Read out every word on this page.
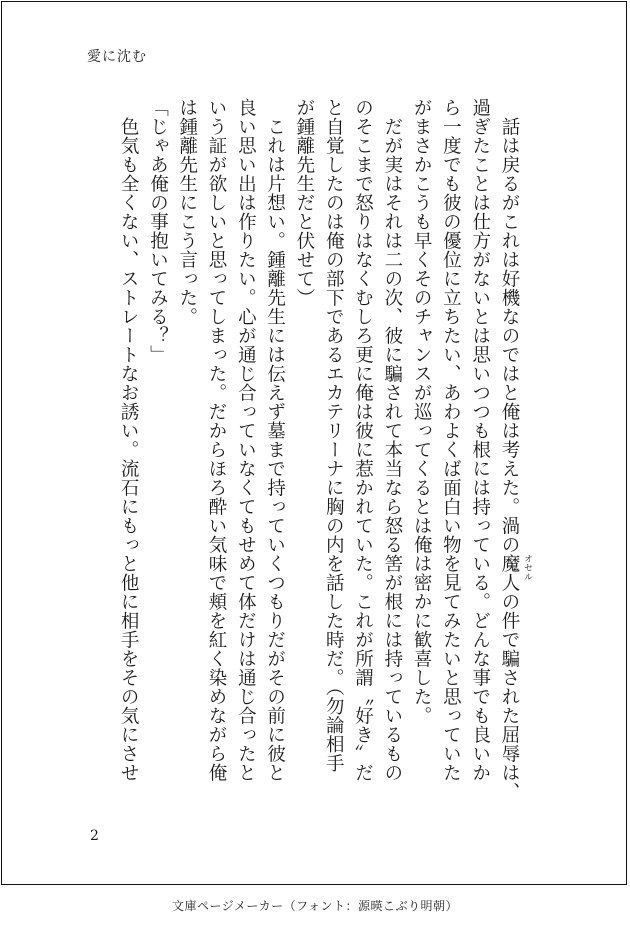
愛に沈む
　話は戻るがこれは好機なのではと俺は考えた。渦の魔人 オセル
の件で騙された屈辱は、
過ぎたことは仕方がないとは思いつつも根には持っている。どんな事でも良いか
ら一度でも彼の優位に立ちたい、あわよくば面白い物を見てみたいと思っていた
がまさかこうも早くそのチャンスが巡ってくるとは俺は密かに歓喜した。
　だが実はそれは二の次、彼に騙されて本当なら怒る筈が根には持っているもの
のそこまで怒りはなくむしろ更に俺は彼に惹かれていた。これが所謂〝好き〟だ
と自覚したのは俺の部下であるエカテリーナに胸の内を話した時だ。（勿論相手
が鍾離先生だと伏せて）
　これは片想い。鍾離先生には伝えず墓まで持っていくつもりだがその前に彼と
良い思い出は作りたい。心が通じ合っていなくてもせめて体だけは通じ合ったと
いう証が欲しいと思ってしまった。だからほろ酔い気味で頬を紅く染めながら俺
は鍾離先生にこう言った。
「じゃあ俺の事抱いてみる？」
　色気も全くない、ストレートなお誘い。流石にもっと他に相手をその気にさせ
2
文庫ページメーカー（フォント：源暎こぶり明朝）
